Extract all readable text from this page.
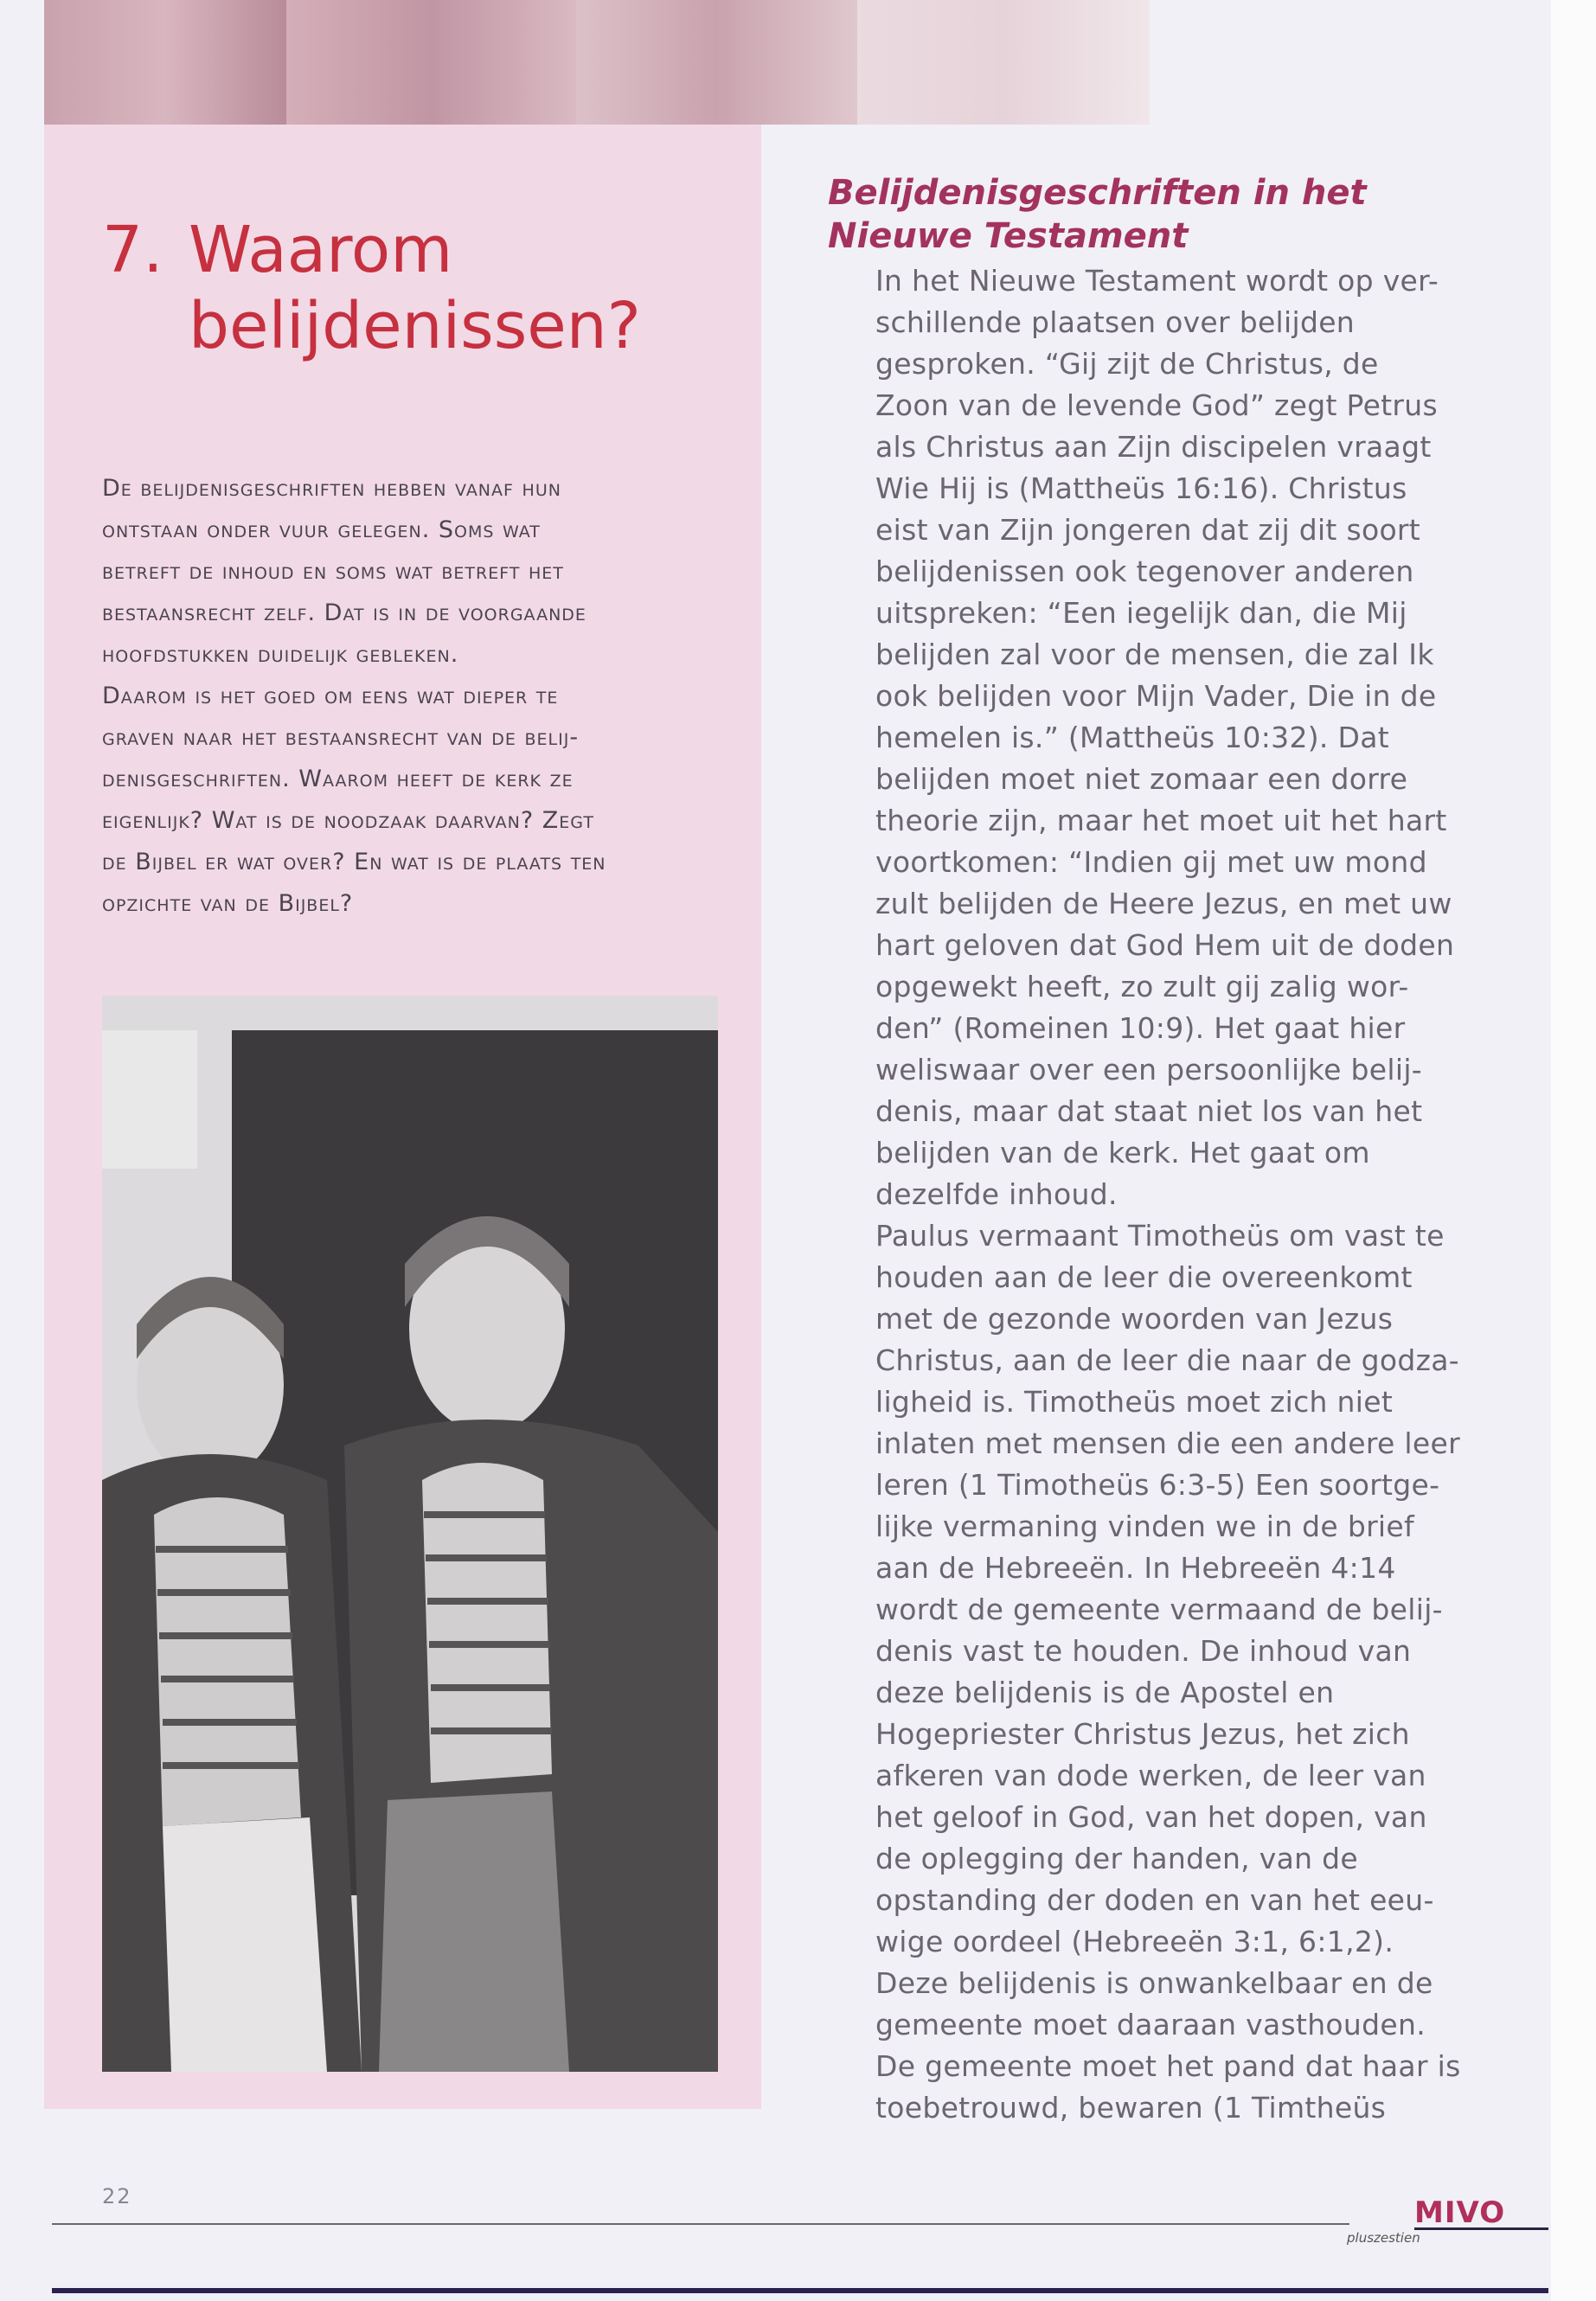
7. Waarom
belijdenissen?
De belijdenisgeschriften hebben vanaf hun
ontstaan onder vuur gelegen. Soms wat
betreft de inhoud en soms wat betreft het
bestaansrecht zelf. Dat is in de voorgaande
hoofdstukken duidelijk gebleken.
Daarom is het goed om eens wat dieper te
graven naar het bestaansrecht van de belij-
denisgeschriften. Waarom heeft de kerk ze
eigenlijk? Wat is de noodzaak daarvan? Zegt
de Bijbel er wat over? En wat is de plaats ten
opzichte van de Bijbel?
Belijdenisgeschriften in het
Nieuwe Testament
In het Nieuwe Testament wordt op ver-
schillende plaatsen over belijden
gesproken. “Gij zijt de Christus, de
Zoon van de levende God” zegt Petrus
als Christus aan Zijn discipelen vraagt
Wie Hij is (Mattheüs 16:16). Christus
eist van Zijn jongeren dat zij dit soort
belijdenissen ook tegenover anderen
uitspreken: “Een iegelijk dan, die Mij
belijden zal voor de mensen, die zal Ik
ook belijden voor Mijn Vader, Die in de
hemelen is.” (Mattheüs 10:32). Dat
belijden moet niet zomaar een dorre
theorie zijn, maar het moet uit het hart
voortkomen: “Indien gij met uw mond
zult belijden de Heere Jezus, en met uw
hart geloven dat God Hem uit de doden
opgewekt heeft, zo zult gij zalig wor-
den” (Romeinen 10:9). Het gaat hier
weliswaar over een persoonlijke belij-
denis, maar dat staat niet los van het
belijden van de kerk. Het gaat om
dezelfde inhoud.
Paulus vermaant Timotheüs om vast te
houden aan de leer die overeenkomt
met de gezonde woorden van Jezus
Christus, aan de leer die naar de godza-
ligheid is. Timotheüs moet zich niet
inlaten met mensen die een andere leer
leren (1 Timotheüs 6:3-5) Een soortge-
lijke vermaning vinden we in de brief
aan de Hebreeën. In Hebreeën 4:14
wordt de gemeente vermaand de belij-
denis vast te houden. De inhoud van
deze belijdenis is de Apostel en
Hogepriester Christus Jezus, het zich
afkeren van dode werken, de leer van
het geloof in God, van het dopen, van
de oplegging der handen, van de
opstanding der doden en van het eeu-
wige oordeel (Hebreeën 3:1, 6:1,2).
Deze belijdenis is onwankelbaar en de
gemeente moet daaraan vasthouden.
De gemeente moet het pand dat haar is
toebetrouwd, bewaren (1 Timtheüs
22	MIVO
pluszestien
